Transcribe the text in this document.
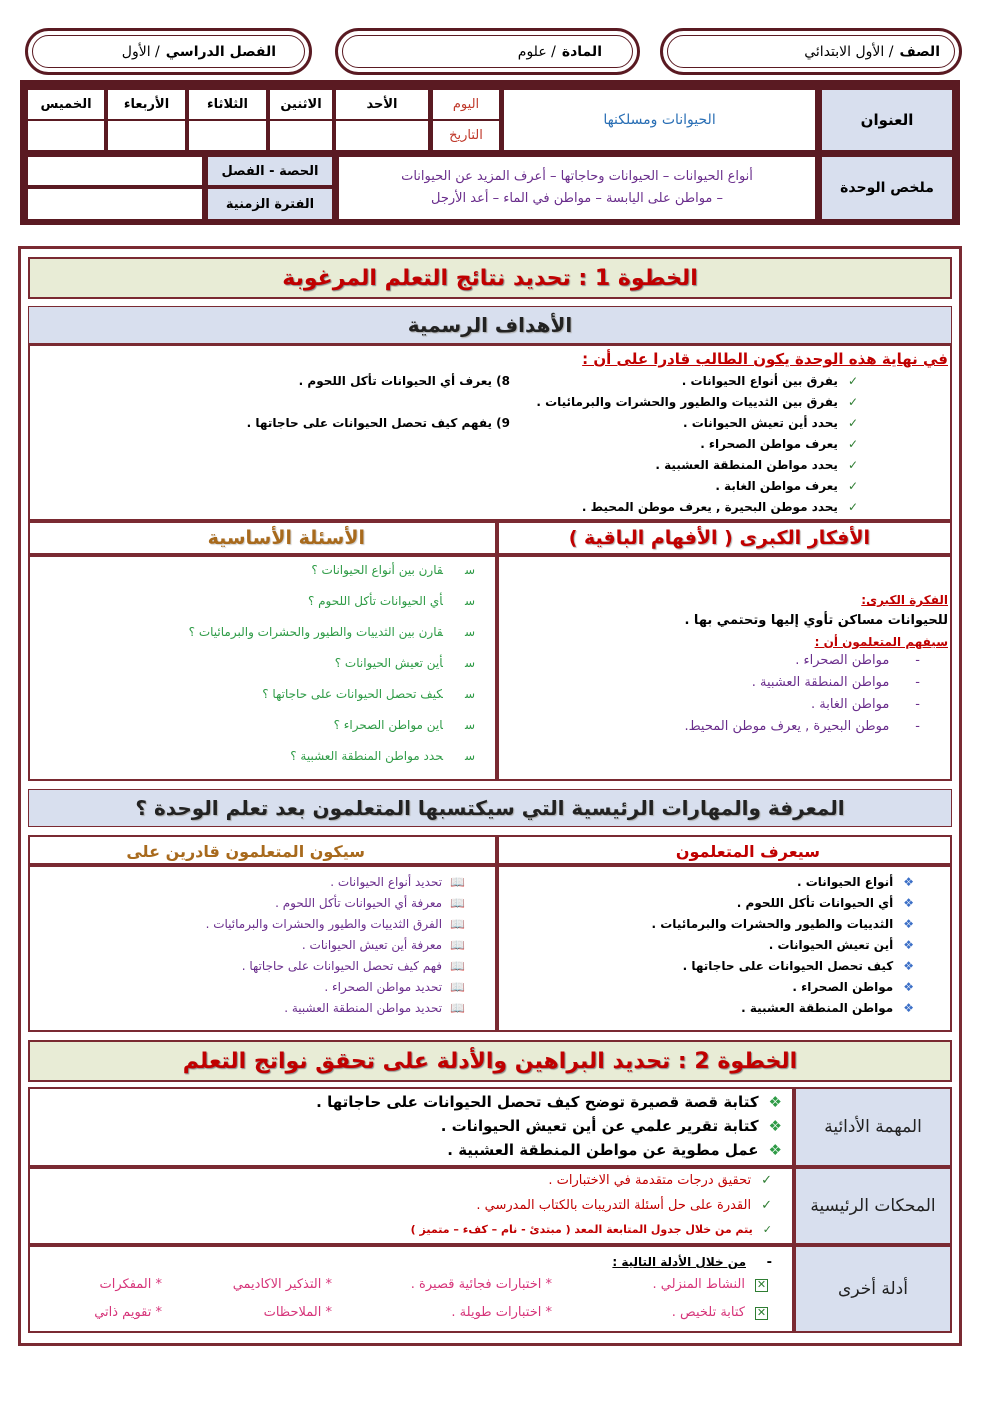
الصف
/
الأول الابتدائي
المادة
/
علوم
الفصل الدراسي
/
الأول
العنوان
الحيوانات ومسلكنها
اليوم
التاريخ
الأحد
الاثنين
الثلاثاء
الأربعاء
الخميس
ملخص الوحدة
أنواع الحيوانات – الحيوانات وحاجاتها – أعرف المزيد عن الحيوانات
– مواطن على اليابسة – مواطن في الماء – أعد الأرجل
الحصة - الفصل
الفترة الزمنية
الخطوة 1 : تحديد نتائج التعلم المرغوبة
الأهداف الرسمية
في نهاية هذه الوحدة يكون الطالب قادرا على أن :
✓يفرق بين أنواع الحيوانات .
✓يفرق بين الثدييات والطيور والحشرات والبرمائيات .
✓يحدد أين تعيش الحيوانات .
✓يعرف مواطن الصحراء .
✓يحدد مواطن المنطقة العشبية .
✓يعرف مواطن الغابة .
✓يحدد موطن البحيرة , يعرف موطن المحيط .
8) يعرف أي الحيوانات تأكل اللحوم .
9) يفهم كيف تحصل الحيوانات على حاجاتها .
الأفكار الكبرى ( الأفهام الباقية )
الأسئلة الأساسية
الفكرة الكبرى:
للحيوانات مساكن تأوي إليها وتحتمي بها .
سيفهم المتعلمون أن :
-مواطن الصحراء .
-مواطن المنطقة العشبية .
-مواطن الغابة .
-موطن البحيرة , يعرف موطن المحيط.
سقارن بين أنواع الحيوانات ؟
سأي الحيوانات تأكل اللحوم ؟
سقارن بين الثدييات والطيور والحشرات والبرمائيات ؟
سأين تعيش الحيوانات ؟
سكيف تحصل الحيوانات على حاجاتها ؟
ساين مواطن الصحراء ؟
سحدد مواطن المنطقة العشبية ؟
المعرفة والمهارات الرئيسية التي سيكتسبها المتعلمون بعد تعلم الوحدة ؟
سيعرف المتعلمون
سيكون المتعلمون قادرين على
❖أنواع الحيوانات .
❖أي الحيوانات تأكل اللحوم .
❖الثدييات والطيور والحشرات والبرمائيات .
❖أين تعيش الحيوانات .
❖كيف تحصل الحيوانات على حاجاتها .
❖مواطن الصحراء .
❖مواطن المنطقة العشبية .
📖تحديد أنواع الحيوانات .
📖معرفة أي الحيوانات تأكل اللحوم .
📖الفرق الثدييات والطيور والحشرات والبرمائيات .
📖معرفة أين تعيش الحيوانات .
📖فهم كيف تحصل الحيوانات على حاجاتها .
📖تحديد مواطن الصحراء .
📖تحديد مواطن المنطقة العشبية .
الخطوة 2 : تحديد البراهين والأدلة على تحقق نواتج التعلم
المهمة الأدائية
❖كتابة قصة قصيرة توضح كيف تحصل الحيوانات على حاجاتها .
❖كتابة تقرير علمي عن أين تعيش الحيوانات .
❖عمل مطوية عن مواطن المنطقة العشبية .
المحكات الرئيسية
✓تحقيق درجات متقدمة في الاختبارات .
✓القدرة على حل أسئلة التدريبات بالكتاب المدرسي .
✓يتم من خلال جدول المتابعة المعد ( مبتدئ - نام – كفء – متميز )
أدلة أخرى
-
من خلال الأدلة التالية :
✕النشاط المنزلي .
* اختبارات فجائية قصيرة .
* التذكير الاكاديمي
* المفكرات
✕كتابة تلخيص .
* اختبارات طويلة .
* الملاحظات
* تقويم ذاتي
